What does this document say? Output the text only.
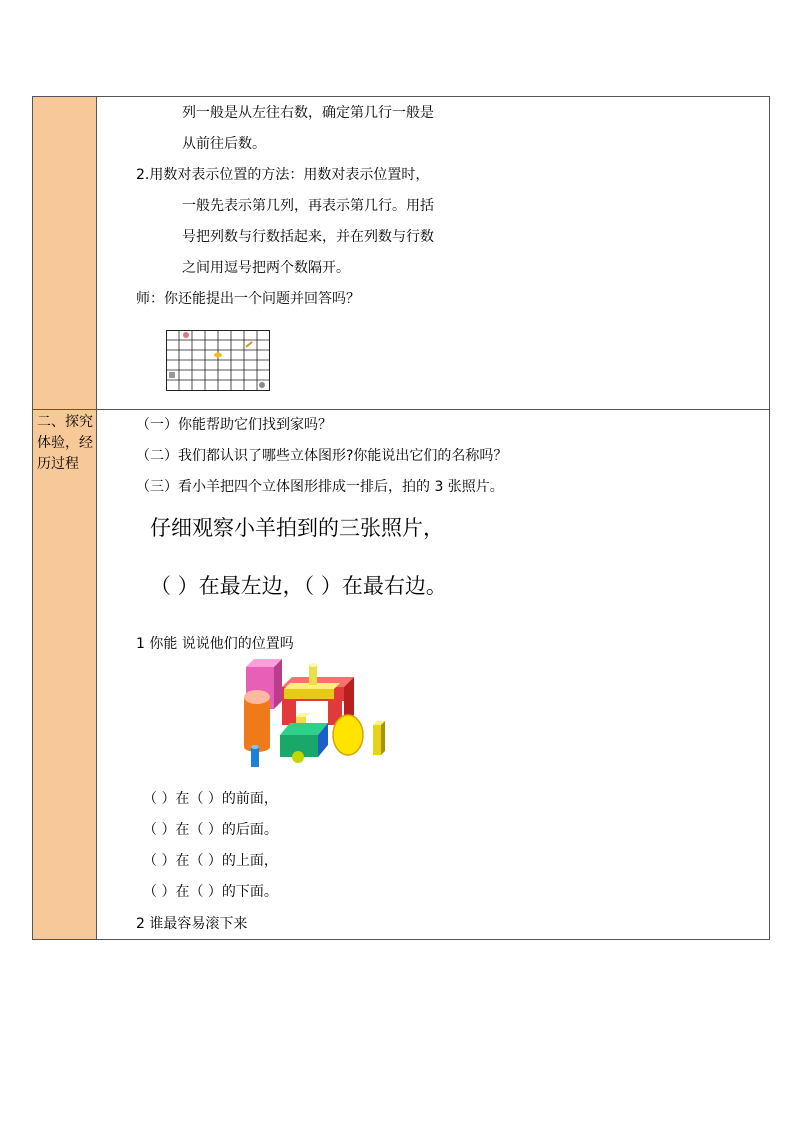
列一般是从左往右数，确定第几行一般是
从前往后数。
2.用数对表示位置的方法：用数对表示位置时，
一般先表示第几列，再表示第几行。用括
号把列数与行数括起来，并在列数与行数
之间用逗号把两个数隔开。
师：你还能提出一个问题并回答吗？
二、探究体验，经历过程
（一）你能帮助它们找到家吗？
（二）我们都认识了哪些立体图形?你能说出它们的名称吗？
（三）看小羊把四个立体图形排成一排后，拍的 3 张照片。
仔细观察小羊拍到的三张照片，
（ ）在最左边，（ ）在最右边。
1 你能 说说他们的位置吗
（ ）在（ ）的前面，
（ ）在（ ）的后面。
（ ）在（ ）的上面，
（ ）在（ ）的下面。
2 谁最容易滚下来
